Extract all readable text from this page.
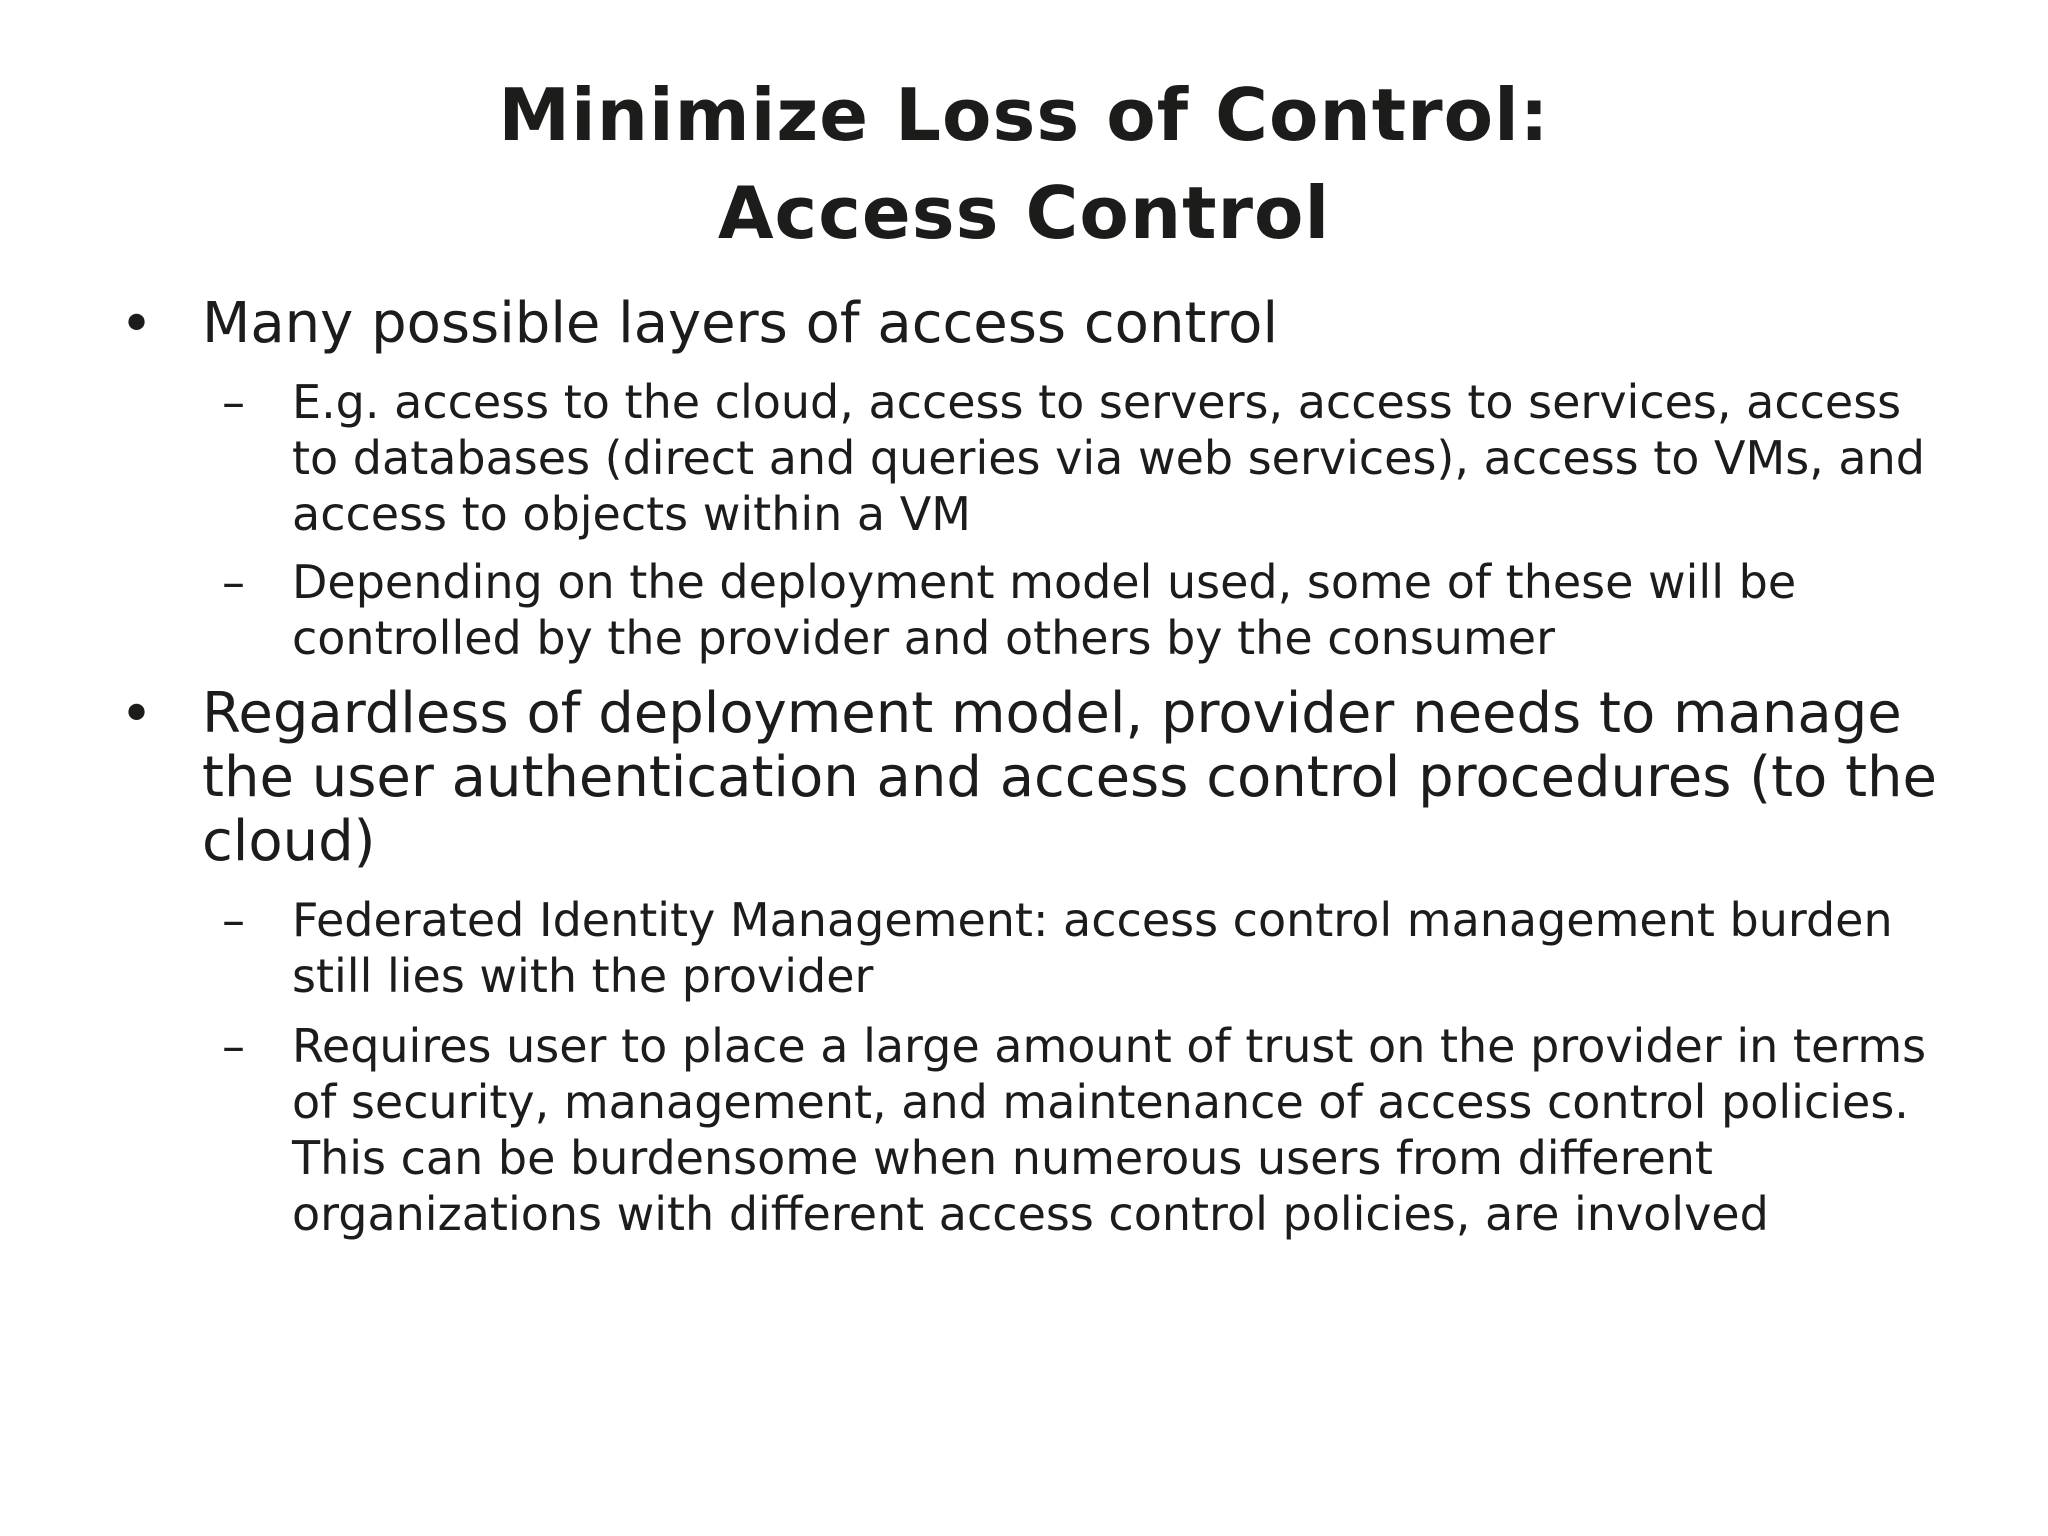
Minimize Loss of Control:
Access Control
• Many possible layers of access control
– E.g. access to the cloud, access to servers, access to services, access to databases (direct and queries via web services), access to VMs, and access to objects within a VM
– Depending on the deployment model used, some of these will be controlled by the provider and others by the consumer
• Regardless of deployment model, provider needs to manage the user authentication and access control procedures (to the cloud)
– Federated Identity Management: access control management burden still lies with the provider
– Requires user to place a large amount of trust on the provider in terms of security, management, and maintenance of access control policies. This can be burdensome when numerous users from different organizations with different access control policies, are involved
